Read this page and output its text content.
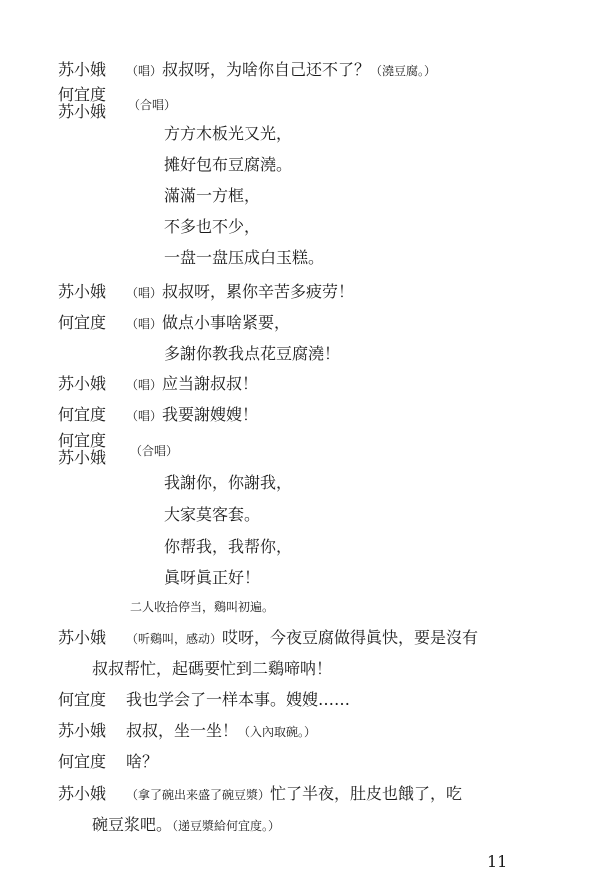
苏小娥 （唱）叔叔呀，为啥你自己还不了？（澆豆腐。）
何宜度
苏小娥 （合唱）
方方木板光又光，
摊好包布豆腐澆。
滿滿一方框，
不多也不少，
一盘一盘压成白玉糕。
苏小娥 （唱）叔叔呀，累你辛苦多疲劳！
何宜度 （唱）做点小事啥紧要，
多謝你教我点花豆腐澆！
苏小娥 （唱）应当謝叔叔！
何宜度 （唱）我要謝嫂嫂！
何宜度
苏小娥 （合唱）
我謝你，你謝我，
大家莫客套。
你帮我，我帮你，
眞呀眞正好！
二人收拾停当，鷄叫初遍。
苏小娥 （听鷄叫，感动）哎呀，今夜豆腐做得眞快，要是沒有
叔叔帮忙，起碼要忙到二鷄啼呐！
何宜度 我也学会了一样本事。嫂嫂……
苏小娥 叔叔，坐一坐！（入內取碗。）
何宜度 啥？
苏小娥 （拿了碗出来盛了碗豆漿）忙了半夜，肚皮也餓了，吃
碗豆浆吧。（递豆漿給何宜度。）
11
